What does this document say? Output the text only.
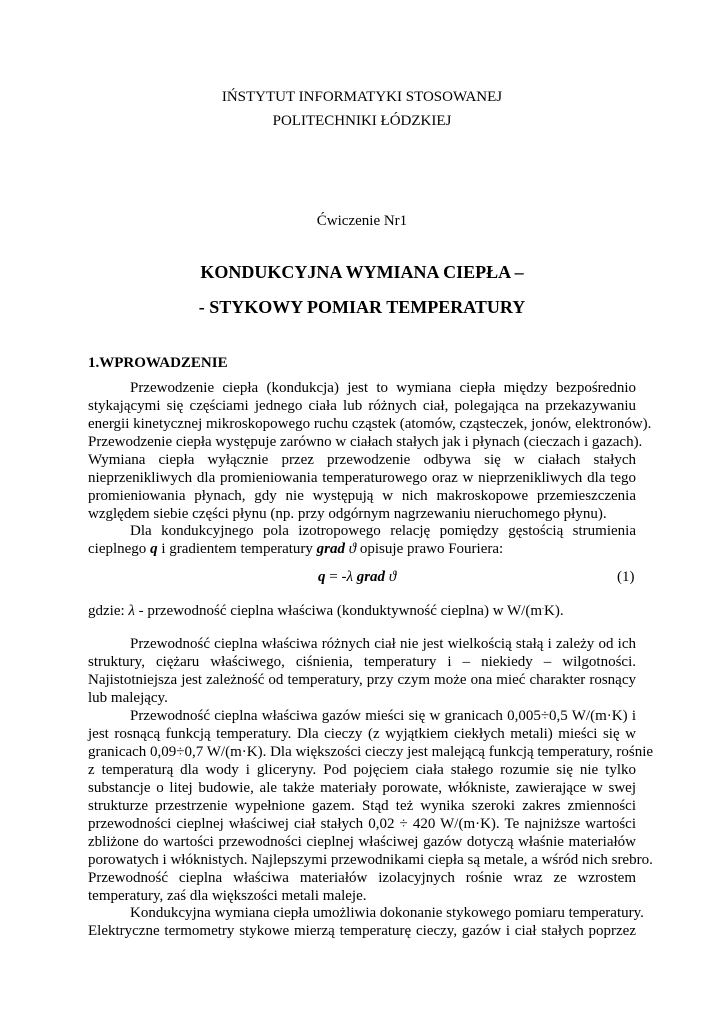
IŃSTYTUT INFORMATYKI STOSOWANEJ
POLITECHNIKI ŁÓDZKIEJ
Ćwiczenie Nr1
KONDUKCYJNA WYMIANA CIEPŁA –
- STYKOWY POMIAR TEMPERATURY
1.WPROWADZENIE
Przewodzenie ciepła (kondukcja) jest to wymiana ciepła między bezpośrednio
stykającymi się częściami jednego ciała lub różnych ciał, polegająca na przekazywaniu
energii kinetycznej mikroskopowego ruchu cząstek (atomów, cząsteczek, jonów, elektronów).
Przewodzenie ciepła występuje zarówno w ciałach stałych jak i płynach (cieczach i gazach).
Wymiana ciepła wyłącznie przez przewodzenie odbywa się w ciałach stałych
nieprzenikliwych dla promieniowania temperaturowego oraz w nieprzenikliwych dla tego
promieniowania płynach, gdy nie występują w nich makroskopowe przemieszczenia
względem siebie części płynu (np. przy odgórnym nagrzewaniu nieruchomego płynu).
Dla kondukcyjnego pola izotropowego relację pomiędzy gęstością strumienia
cieplnego q i gradientem temperatury grad ϑ opisuje prawo Fouriera:
q = -λ grad ϑ	(1)
gdzie: λ - przewodność cieplna właściwa (konduktywność cieplna) w W/(m.K).
Przewodność cieplna właściwa różnych ciał nie jest wielkością stałą i zależy od ich
struktury, ciężaru właściwego, ciśnienia, temperatury i – niekiedy – wilgotności.
Najistotniejsza jest zależność od temperatury, przy czym może ona mieć charakter rosnący
lub malejący.
Przewodność cieplna właściwa gazów mieści się w granicach 0,005÷0,5 W/(m·K) i
jest rosnącą funkcją temperatury. Dla cieczy (z wyjątkiem ciekłych metali) mieści się w
granicach 0,09÷0,7 W/(m·K). Dla większości cieczy jest malejącą funkcją temperatury, rośnie
z temperaturą dla wody i gliceryny. Pod pojęciem ciała stałego rozumie się nie tylko
substancje o litej budowie, ale także materiały porowate, włókniste, zawierające w swej
strukturze przestrzenie wypełnione gazem. Stąd też wynika szeroki zakres zmienności
przewodności cieplnej właściwej ciał stałych 0,02 ÷ 420 W/(m·K). Te najniższe wartości
zbliżone do wartości przewodności cieplnej właściwej gazów dotyczą właśnie materiałów
porowatych i włóknistych. Najlepszymi przewodnikami ciepła są metale, a wśród nich srebro.
Przewodność cieplna właściwa materiałów izolacyjnych rośnie wraz ze wzrostem
temperatury, zaś dla większości metali maleje.
Kondukcyjna wymiana ciepła umożliwia dokonanie stykowego pomiaru temperatury.
Elektryczne termometry stykowe mierzą temperaturę cieczy, gazów i ciał stałych poprzez
